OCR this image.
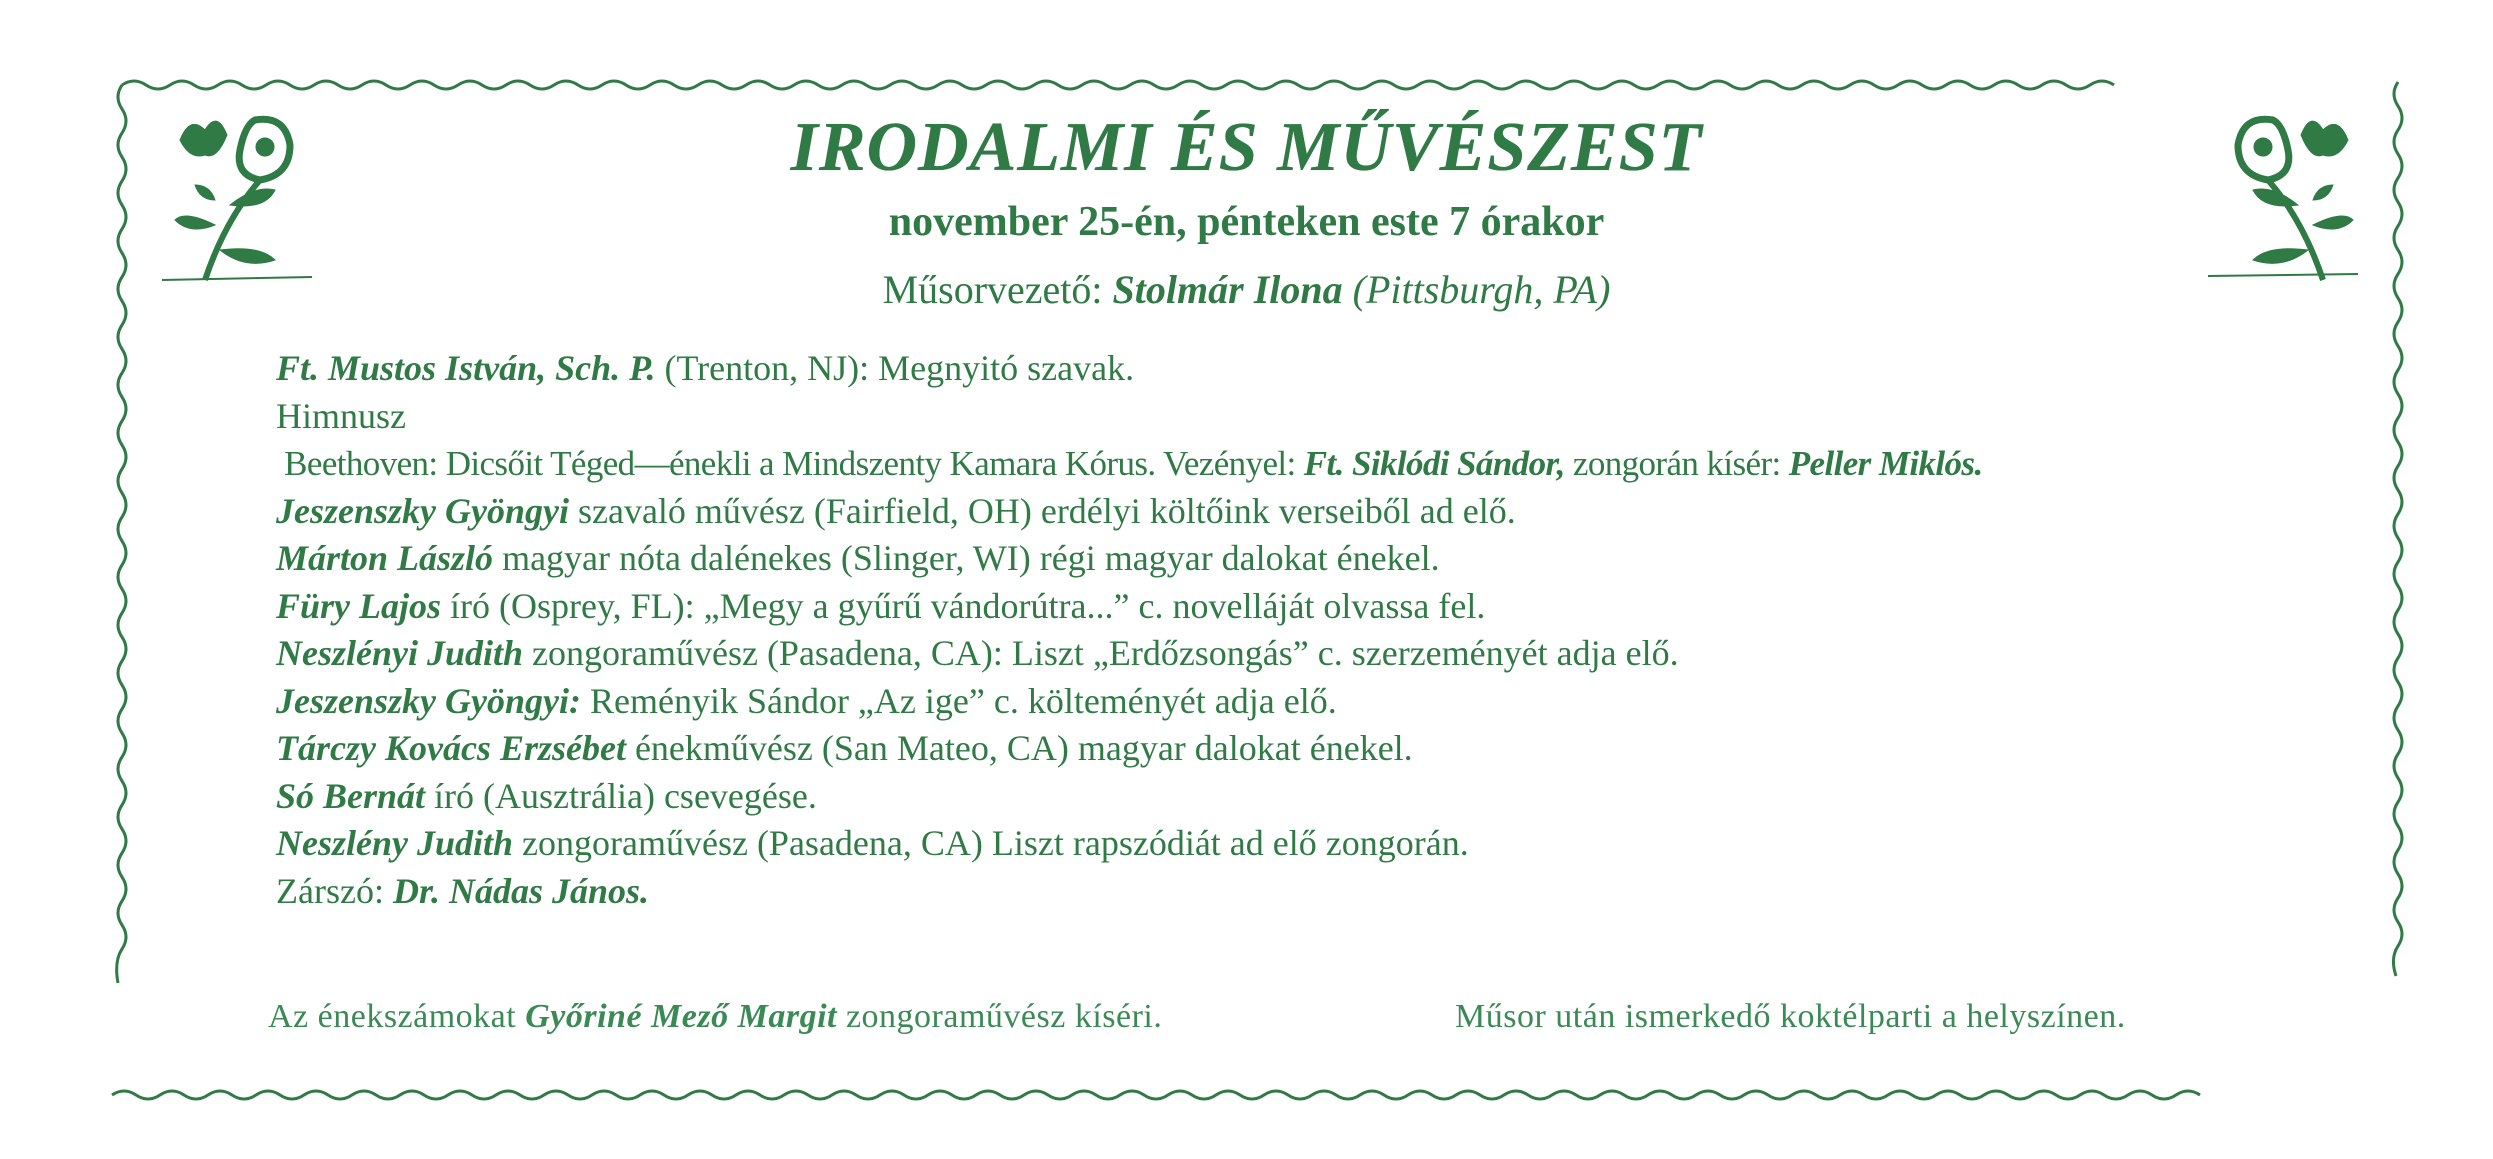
IRODALMI ÉS MŰVÉSZEST
november 25-én, pénteken este 7 órakor
Műsorvezető: Stolmár Ilona (Pittsburgh, PA)
Ft. Mustos István, Sch. P. (Trenton, NJ): Megnyitó szavak.
Himnusz
Beethoven: Dicsőit Téged—énekli a Mindszenty Kamara Kórus. Vezényel: Ft. Siklódi Sándor, zongorán kísér: Peller Miklós.
Jeszenszky Gyöngyi szavaló művész (Fairfield, OH) erdélyi költőink verseiből ad elő.
Márton László magyar nóta dalénekes (Slinger, WI) régi magyar dalokat énekel.
Füry Lajos író (Osprey, FL): „Megy a gyűrű vándorútra...” c. novelláját olvassa fel.
Neszlényi Judith zongoraművész (Pasadena, CA): Liszt „Erdőzsongás” c. szerzeményét adja elő.
Jeszenszky Gyöngyi: Reményik Sándor „Az ige” c. költeményét adja elő.
Tárczy Kovács Erzsébet énekművész (San Mateo, CA) magyar dalokat énekel.
Só Bernát író (Ausztrália) csevegése.
Neszlény Judith zongoraművész (Pasadena, CA) Liszt rapszódiát ad elő zongorán.
Zárszó: Dr. Nádas János.
Az énekszámokat Győriné Mező Margit zongoraművész kíséri.	Műsor után ismerkedő koktélparti a helyszínen.
